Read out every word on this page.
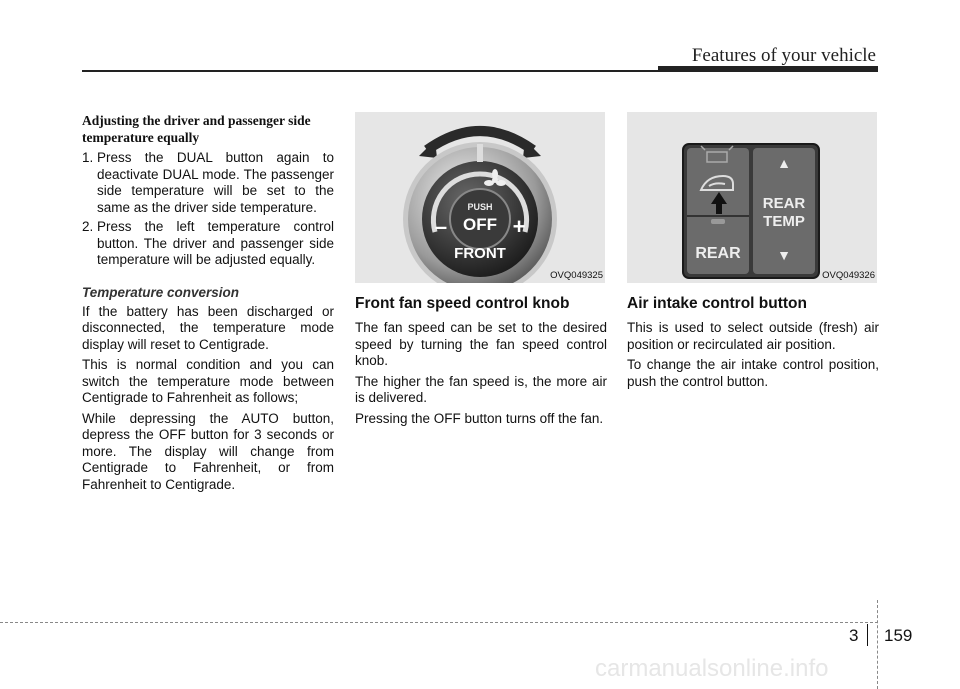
Features of your vehicle
Adjusting the driver and passenger side temperature equally
1. Press the DUAL button again to deactivate DUAL mode. The passenger side temperature will be set to the same as the driver side temperature.
2. Press the left temperature control button. The driver and passenger side temperature will be adjusted equally.
Temperature conversion

If the battery has been discharged or disconnected, the temperature mode display will reset to Centigrade.

This is normal condition and you can switch the temperature mode between Centigrade to Fahrenheit as follows;

While depressing the AUTO button, depress the OFF button for 3 seconds or more. The display will change from Centigrade to Fahrenheit, or from Fahrenheit to Centigrade.

PUSH
OFF
–	+
FRONT
OVQ049325
Front fan speed control knob

The fan speed can be set to the desired speed by turning the fan speed control knob.

The higher the fan speed is, the more air is delivered.

Pressing the OFF button turns off the fan.

REAR
▲
REAR
TEMP
▼
OVQ049326
Air intake control button

This is used to select outside (fresh) air position or recirculated air position.

To change the air intake control position, push the control button.

3 159
carmanualsonline.info
